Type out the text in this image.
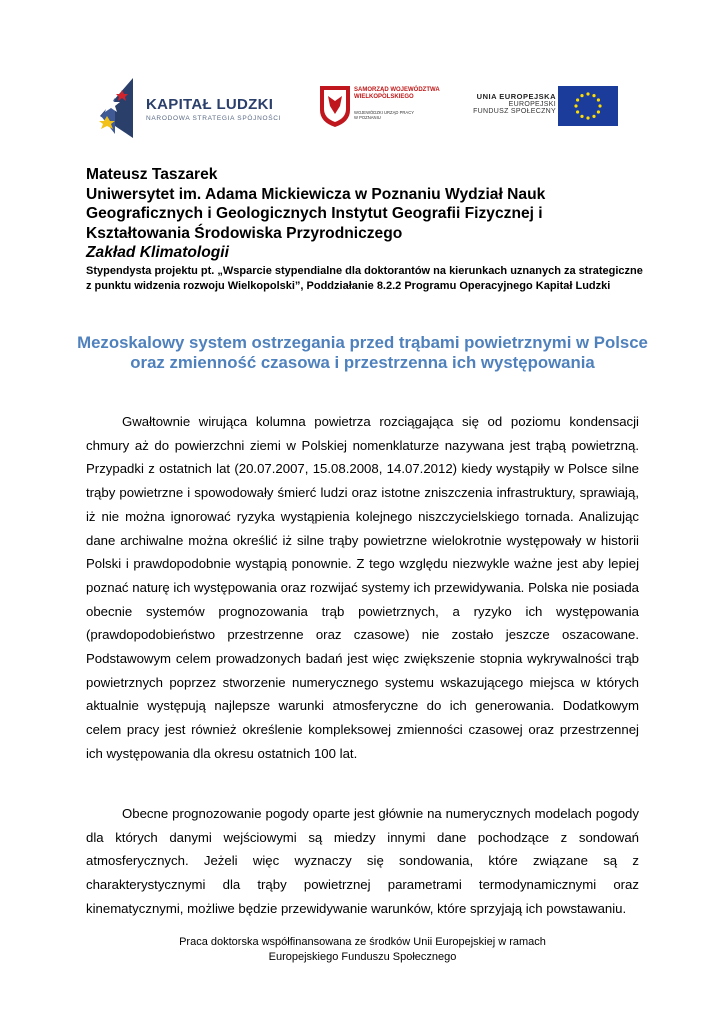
KAPITAŁ LUDZKI
NARODOWA STRATEGIA SPÓJNOŚCI
SAMORZĄD WOJEWÓDZTWA
WIELKOPOLSKIEGO
WOJEWÓDZKI URZĄD PRACY
W POZNANIU
UNIA EUROPEJSKA
EUROPEJSKI
FUNDUSZ SPOŁECZNY
Mateusz Taszarek
Uniwersytet im. Adama Mickiewicza w Poznaniu Wydział Nauk
Geograficznych i Geologicznych Instytut Geografii Fizycznej i
Kształtowania Środowiska Przyrodniczego
Zakład Klimatologii
Stypendysta projektu pt. „Wsparcie stypendialne dla doktorantów na kierunkach uznanych za strategiczne z punktu widzenia rozwoju Wielkopolski”, Poddziałanie 8.2.2 Programu Operacyjnego Kapitał Ludzki
Mezoskalowy system ostrzegania przed trąbami powietrznymi w Polsce oraz zmienność czasowa i przestrzenna ich występowania
Gwałtownie wirująca kolumna powietrza rozciągająca się od poziomu kondensacji chmury aż do powierzchni ziemi w Polskiej nomenklaturze nazywana jest trąbą powietrzną. Przypadki z ostatnich lat (20.07.2007, 15.08.2008, 14.07.2012) kiedy wystąpiły w Polsce silne trąby powietrzne i spowodowały śmierć ludzi oraz istotne zniszczenia infrastruktury, sprawiają, iż nie można ignorować ryzyka wystąpienia kolejnego niszczycielskiego tornada. Analizując dane archiwalne można określić iż silne trąby powietrzne wielokrotnie występowały w historii Polski i prawdopodobnie wystąpią ponownie. Z tego względu niezwykle ważne jest aby lepiej poznać naturę ich występowania oraz rozwijać systemy ich przewidywania. Polska nie posiada obecnie systemów prognozowania trąb powietrznych, a ryzyko ich występowania (prawdopodobieństwo przestrzenne oraz czasowe) nie zostało jeszcze oszacowane. Podstawowym celem prowadzonych badań jest więc zwiększenie stopnia wykrywalności trąb powietrznych poprzez stworzenie numerycznego systemu wskazującego miejsca w których aktualnie występują najlepsze warunki atmosferyczne do ich generowania. Dodatkowym celem pracy jest również określenie kompleksowej zmienności czasowej oraz przestrzennej ich występowania dla okresu ostatnich 100 lat.
Obecne prognozowanie pogody oparte jest głównie na numerycznych modelach pogody dla których danymi wejściowymi są miedzy innymi dane pochodzące z sondowań atmosferycznych. Jeżeli więc wyznaczy się sondowania, które związane są z charakterystycznymi dla trąby powietrznej parametrami termodynamicznymi oraz kinematycznymi, możliwe będzie przewidywanie warunków, które sprzyjają ich powstawaniu.
Praca doktorska współfinansowana ze środków Unii Europejskiej w ramach
Europejskiego Funduszu Społecznego
